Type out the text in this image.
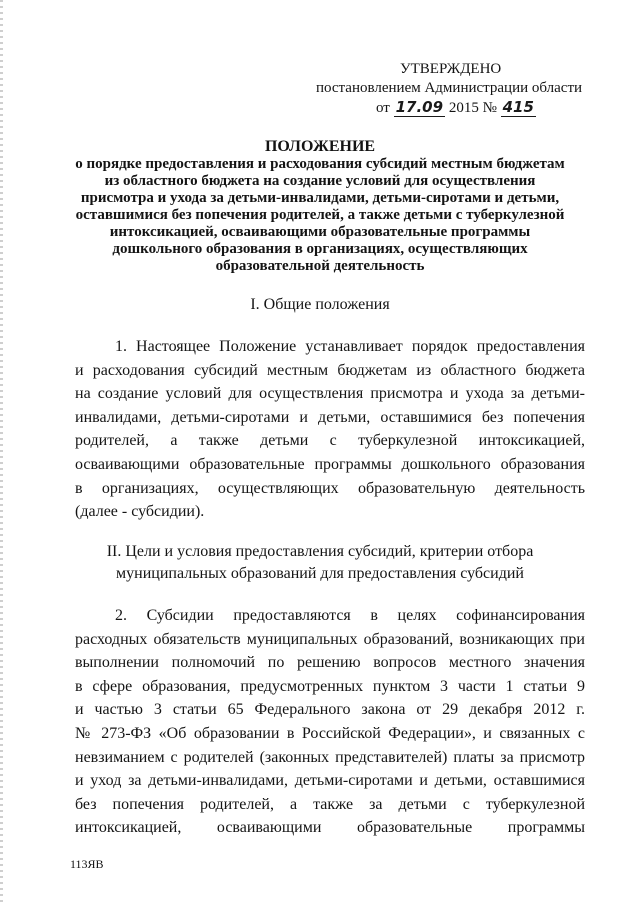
УТВЕРЖДЕНО
постановлением Администрации области
от 17.09 2015 № 415
ПОЛОЖЕНИЕ
о порядке предоставления и расходования субсидий местным бюджетам
из областного бюджета на создание условий для осуществления
присмотра и ухода за детьми-инвалидами, детьми-сиротами и детьми,
оставшимися без попечения родителей, а также детьми с туберкулезной
интоксикацией, осваивающими образовательные программы
дошкольного образования в организациях, осуществляющих
образовательной деятельность
I. Общие положения
1. Настоящее Положение устанавливает порядок предоставления
и расходования субсидий местным бюджетам из областного бюджета
на создание условий для осуществления присмотра и ухода за детьми-
инвалидами, детьми-сиротами и детьми, оставшимися без попечения
родителей, а также детьми с туберкулезной интоксикацией,
осваивающими образовательные программы дошкольного образования
в организациях, осуществляющих образовательную деятельность
(далее - субсидии).
II. Цели и условия предоставления субсидий, критерии отбора
муниципальных образований для предоставления субсидий
2. Субсидии предоставляются в целях софинансирования
расходных обязательств муниципальных образований, возникающих при
выполнении полномочий по решению вопросов местного значения
в сфере образования, предусмотренных пунктом 3 части 1 статьи 9
и частью 3 статьи 65 Федерального закона от 29 декабря 2012 г.
№ 273-ФЗ «Об образовании в Российской Федерации», и связанных с
невзиманием с родителей (законных представителей) платы за присмотр
и уход за детьми-инвалидами, детьми-сиротами и детьми, оставшимися
без попечения родителей, а также за детьми с туберкулезной
интоксикацией, осваивающими образовательные программы
113ЯВ
